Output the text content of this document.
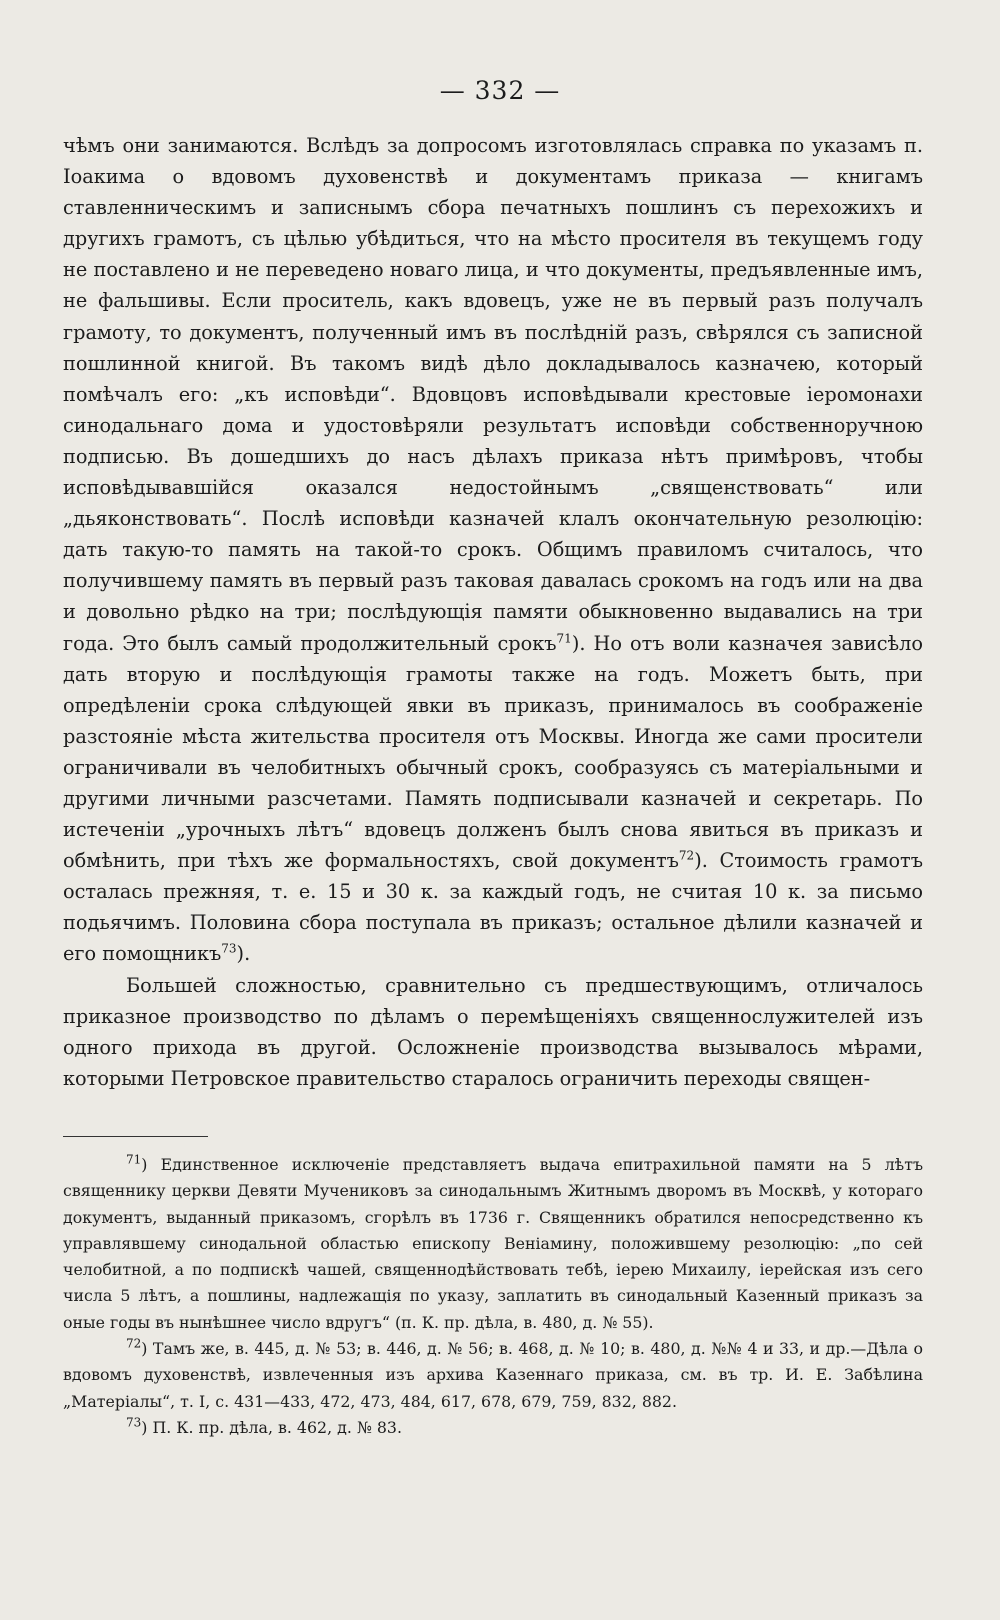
— 332 —

чѣмъ они занимаются. Вслѣдъ за допросомъ изготовлялась справка по указамъ п. Іоакима о вдовомъ духовенствѣ и документамъ приказа — книгамъ ставленническимъ и записнымъ сбора печатныхъ пошлинъ съ перехожихъ и другихъ грамотъ, съ цѣлью убѣдиться, что на мѣсто просителя въ текущемъ году не поставлено и не переведено новаго лица, и что документы, предъявленные имъ, не фальшивы. Если проситель, какъ вдовецъ, уже не въ первый разъ получалъ грамоту, то документъ, полученный имъ въ послѣдній разъ, свѣрялся съ записной пошлинной книгой. Въ такомъ видѣ дѣло докладывалось казначею, который помѣчалъ его: „къ исповѣди“. Вдовцовъ исповѣдывали крестовые іеромонахи синодальнаго дома и удостовѣряли результатъ исповѣди собственноручною подписью. Въ дошедшихъ до насъ дѣлахъ приказа нѣтъ примѣровъ, чтобы исповѣдывавшійся оказался недостойнымъ „священствовать“ или „дьяконствовать“. Послѣ исповѣди казначей клалъ окончательную резолюцію: дать такую-то память на такой-то срокъ. Общимъ правиломъ считалось, что получившему память въ первый разъ таковая давалась срокомъ на годъ или на два и довольно рѣдко на три; послѣдующія памяти обыкновенно выдавались на три года. Это былъ самый продолжительный срокъ$^{71}$). Но отъ воли казначея зависѣло дать вторую и послѣдующія грамоты также на годъ. Можетъ быть, при опредѣленіи срока слѣдующей явки въ приказъ, принималось въ соображеніе разстояніе мѣста жительства просителя отъ Москвы. Иногда же сами просители ограничивали въ челобитныхъ обычный срокъ, сообразуясь съ матеріальными и другими личными разсчетами. Память подписывали казначей и секретарь. По истеченіи „урочныхъ лѣтъ“ вдовецъ долженъ былъ снова явиться въ приказъ и обмѣнить, при тѣхъ же формальностяхъ, свой документъ$^{72}$). Стоимость грамотъ осталась прежняя, т. е. 15 и 30 к. за каждый годъ, не считая 10 к. за письмо подьячимъ. Половина сбора поступала въ приказъ; остальное дѣлили казначей и его помощникъ$^{73}$).

Большей сложностью, сравнительно съ предшествующимъ, отличалось приказное производство по дѣламъ о перемѣщеніяхъ священнослужителей изъ одного прихода въ другой. Осложненіе производства вызывалось мѣрами, которыми Петровское правительство старалось ограничить переходы священ-

$^{71}$) Единственное исключеніе представляетъ выдача епитрахильной памяти на 5 лѣтъ священнику церкви Девяти Мучениковъ за синодальнымъ Житнымъ дворомъ въ Москвѣ, у котораго документъ, выданный приказомъ, сгорѣлъ въ 1736 г. Священникъ обратился непосредственно къ управлявшему синодальной областью епископу Веніамину, положившему резолюцію: „по сей челобитной, а по подпискѣ чашей, священнодѣйствовать тебѣ, іерею Михаилу, іерейская изъ сего числа 5 лѣтъ, а пошлины, надлежащія по указу, заплатить въ синодальный Казенный приказъ за оные годы въ нынѣшнее число вдругъ“ (п. К. пр. дѣла, в. 480, д. № 55).

$^{72}$) Тамъ же, в. 445, д. № 53; в. 446, д. № 56; в. 468, д. № 10; в. 480, д. №№ 4 и 33, и др.—Дѣла о вдовомъ духовенствѣ, извлеченныя изъ архива Казеннаго приказа, см. въ тр. И. Е. Забѣлина „Матеріалы“, т. I, с. 431—433, 472, 473, 484, 617, 678, 679, 759, 832, 882.

$^{73}$) П. К. пр. дѣла, в. 462, д. № 83.
